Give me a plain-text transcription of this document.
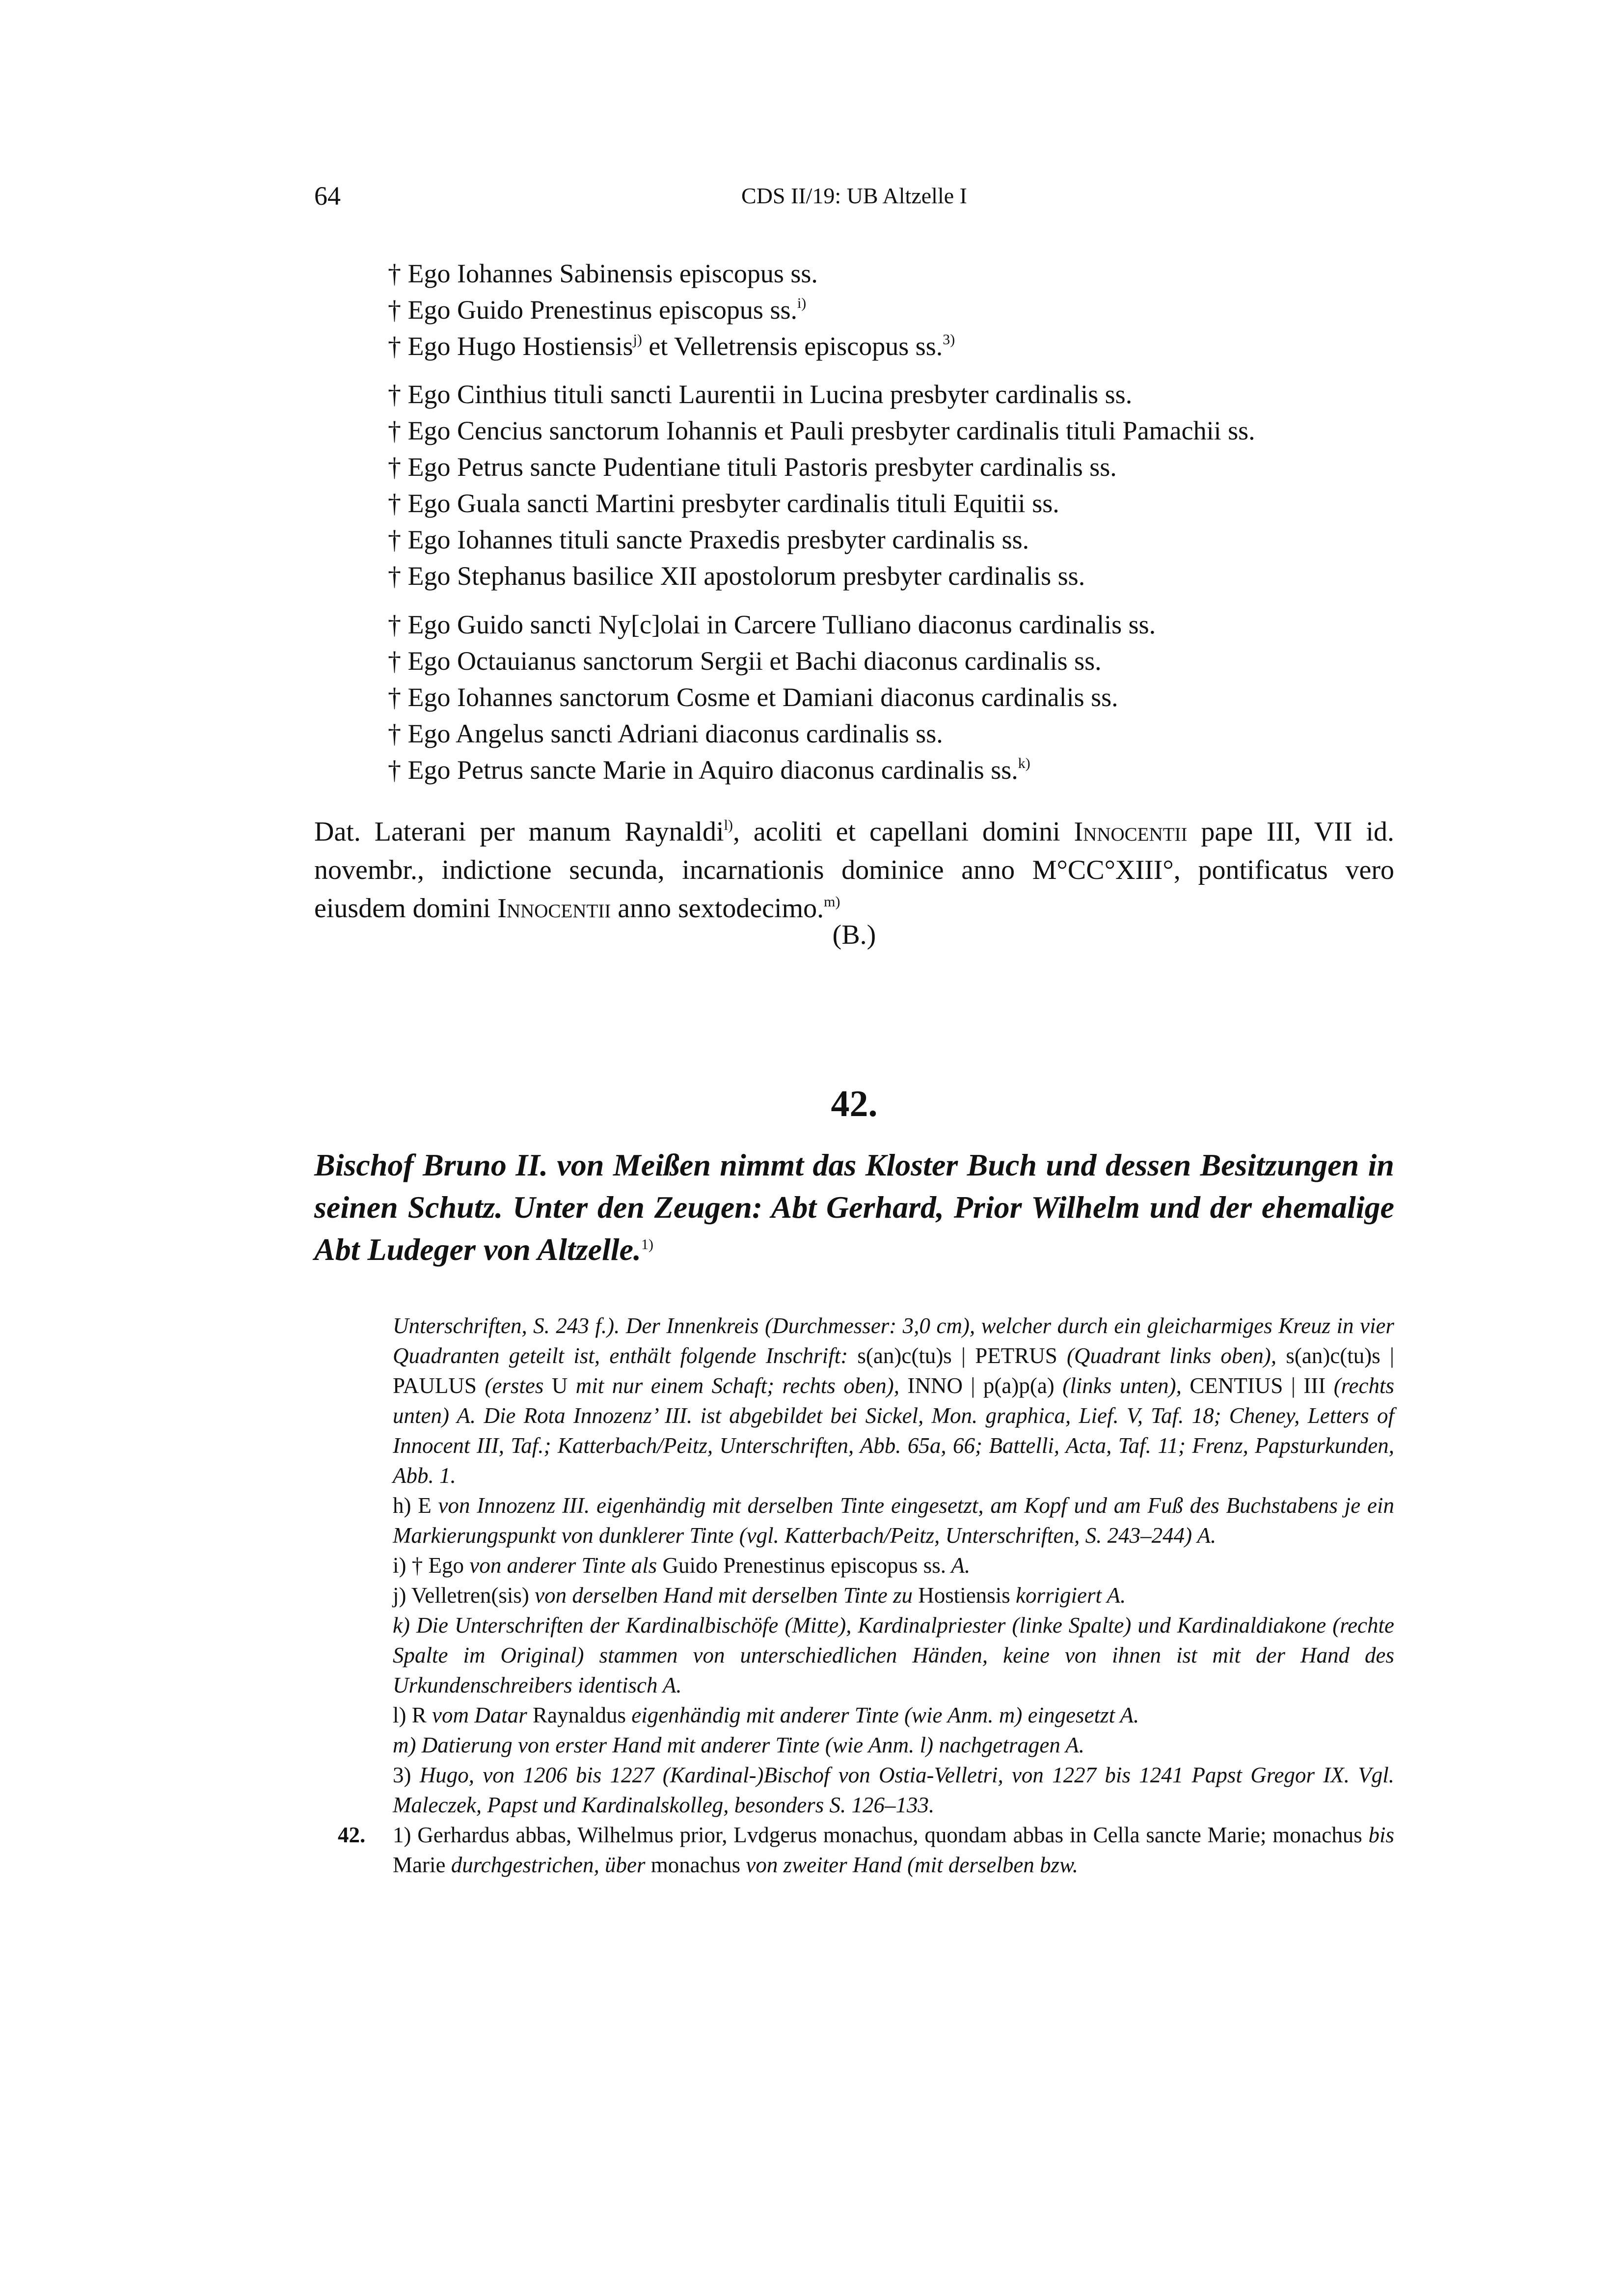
64	CDS II/19: UB Altzelle I
† Ego Iohannes Sabinensis episcopus ss.
† Ego Guido Prenestinus episcopus ss.$^{i)}$
† Ego Hugo Hostiensis$^{j)}$ et Velletrensis episcopus ss.$^{3)}$
† Ego Cinthius tituli sancti Laurentii in Lucina presbyter cardinalis ss.
† Ego Cencius sanctorum Iohannis et Pauli presbyter cardinalis tituli Pamachii ss.
† Ego Petrus sancte Pudentiane tituli Pastoris presbyter cardinalis ss.
† Ego Guala sancti Martini presbyter cardinalis tituli Equitii ss.
† Ego Iohannes tituli sancte Praxedis presbyter cardinalis ss.
† Ego Stephanus basilice XII apostolorum presbyter cardinalis ss.
† Ego Guido sancti Ny[c]olai in Carcere Tulliano diaconus cardinalis ss.
† Ego Octauianus sanctorum Sergii et Bachi diaconus cardinalis ss.
† Ego Iohannes sanctorum Cosme et Damiani diaconus cardinalis ss.
† Ego Angelus sancti Adriani diaconus cardinalis ss.
† Ego Petrus sancte Marie in Aquiro diaconus cardinalis ss.$^{k)}$
Dat. Laterani per manum Raynaldi$^{l)}$, acoliti et capellani domini Innocentii pape III, VII id. novembr., indictione secunda, incarnationis dominice anno M°CC°XIII°, pontificatus vero eiusdem domini Innocentii anno sextodecimo.$^{m)}$
(B.)
42.
Bischof Bruno II. von Meißen nimmt das Kloster Buch und dessen Besitzungen in seinen Schutz. Unter den Zeugen: Abt Gerhard, Prior Wilhelm und der ehemalige Abt Ludeger von Altzelle.$^{1)}$

Unterschriften, S. 243 f.). Der Innenkreis (Durchmesser: 3,0 cm), welcher durch ein gleicharmiges Kreuz in vier Quadranten geteilt ist, enthält folgende Inschrift: s(an)c(tu)s | PETRUS (Quadrant links oben), s(an)c(tu)s | PAULUS (erstes U mit nur einem Schaft; rechts oben), INNO | p(a)p(a) (links unten), CENTIUS | III (rechts unten) A. Die Rota Innozenz’ III. ist abgebildet bei Sickel, Mon. graphica, Lief. V, Taf. 18; Cheney, Letters of Innocent III, Taf.; Katterbach/Peitz, Unterschriften, Abb. 65a, 66; Battelli, Acta, Taf. 11; Frenz, Papsturkunden, Abb. 1.

h) E von Innozenz III. eigenhändig mit derselben Tinte eingesetzt, am Kopf und am Fuß des Buchstabens je ein Markierungspunkt von dunklerer Tinte (vgl. Katterbach/Peitz, Unterschriften, S. 243–244) A.

i) † Ego von anderer Tinte als Guido Prenestinus episcopus ss. A.

j) Velletren(sis) von derselben Hand mit derselben Tinte zu Hostiensis korrigiert A.

k) Die Unterschriften der Kardinalbischöfe (Mitte), Kardinalpriester (linke Spalte) und Kardinaldiakone (rechte Spalte im Original) stammen von unterschiedlichen Händen, keine von ihnen ist mit der Hand des Urkundenschreibers identisch A.

l) R vom Datar Raynaldus eigenhändig mit anderer Tinte (wie Anm. m) eingesetzt A.

m) Datierung von erster Hand mit anderer Tinte (wie Anm. l) nachgetragen A.

3) Hugo, von 1206 bis 1227 (Kardinal-)Bischof von Ostia-Velletri, von 1227 bis 1241 Papst Gregor IX. Vgl. Maleczek, Papst und Kardinalskolleg, besonders S. 126–133.

42. 1) Gerhardus abbas, Wilhelmus prior, Lvdgerus monachus, quondam abbas in Cella sancte Marie; monachus bis Marie durchgestrichen, über monachus von zweiter Hand (mit derselben bzw.
